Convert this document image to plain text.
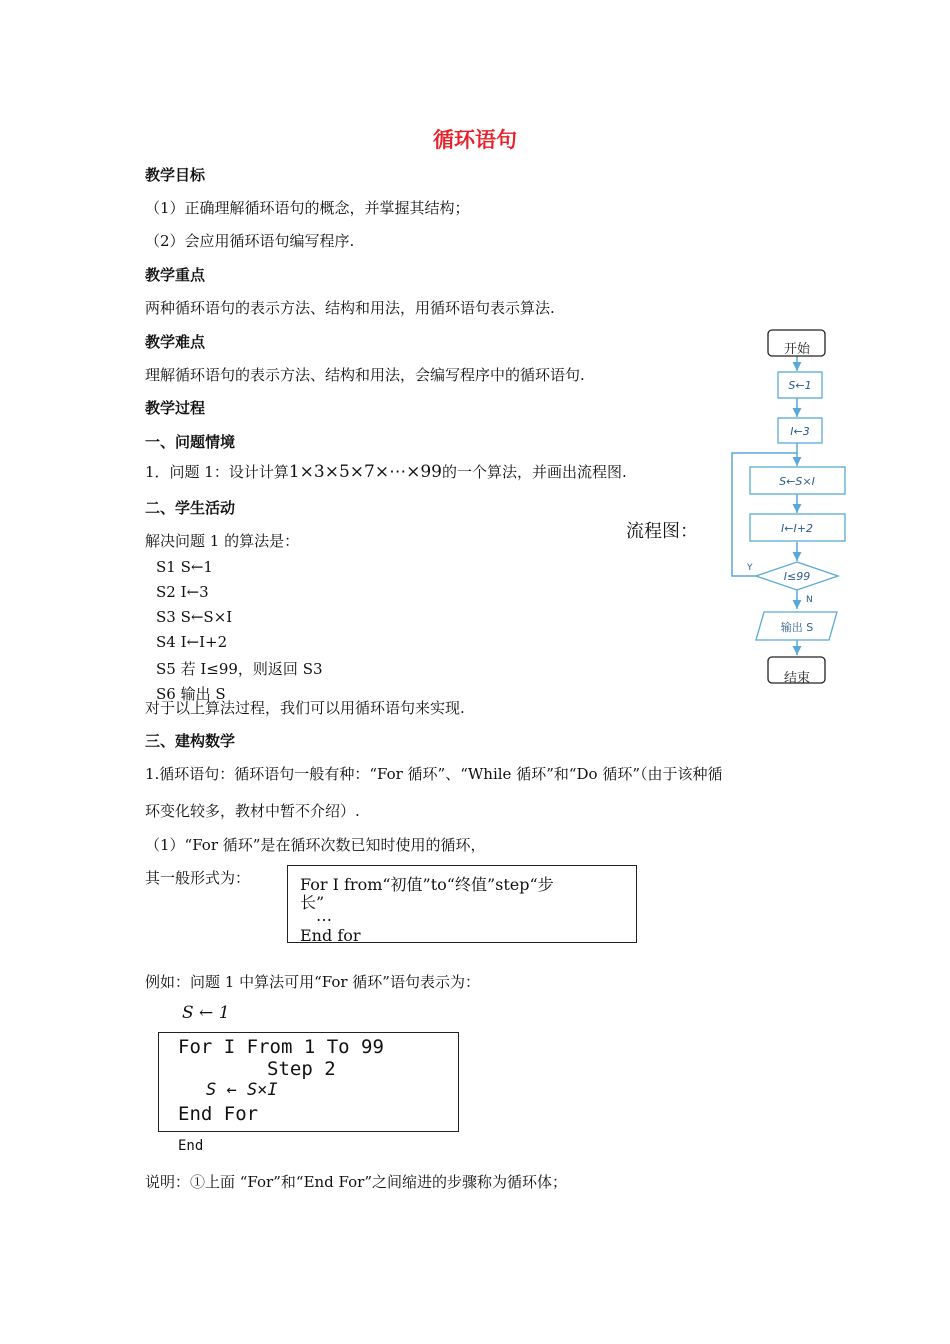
循环语句
教学目标
（1）正确理解循环语句的概念，并掌握其结构；
（2）会应用循环语句编写程序.
教学重点
两种循环语句的表示方法、结构和用法，用循环语句表示算法.
教学难点
理解循环语句的表示方法、结构和用法，会编写程序中的循环语句.
教学过程
一、问题情境
1．问题 1：设计计算1×3×5×7×⋯×99的一个算法，并画出流程图.
二、学生活动
解决问题 1 的算法是：
S1 S←1
S2 I←3
S3 S←S×I
S4 I←I+2
S5 若 I≤99，则返回 S3
S6 输出 S
对于以上算法过程，我们可以用循环语句来实现.
流程图：
开始
S←1
I←3
S←S×I
I←I+2
I≤99
Y
N
输出 S
结束
三、建构数学
1.循环语句：循环语句一般有种：“For 循环”、“While 循环”和“Do 循环”（由于该种循
环变化较多，教材中暂不介绍）.
（1）“For 循环”是在循环次数已知时使用的循环，
其一般形式为：	For I from“初值”to“终值”step“步
长”
…
End for
例如：问题 1 中算法可用“For 循环”语句表示为：
S ← 1
For I From 1 To 99
Step 2
S ← S×I
End For
End
说明：①上面 “For”和“End For”之间缩进的步骤称为循环体；
